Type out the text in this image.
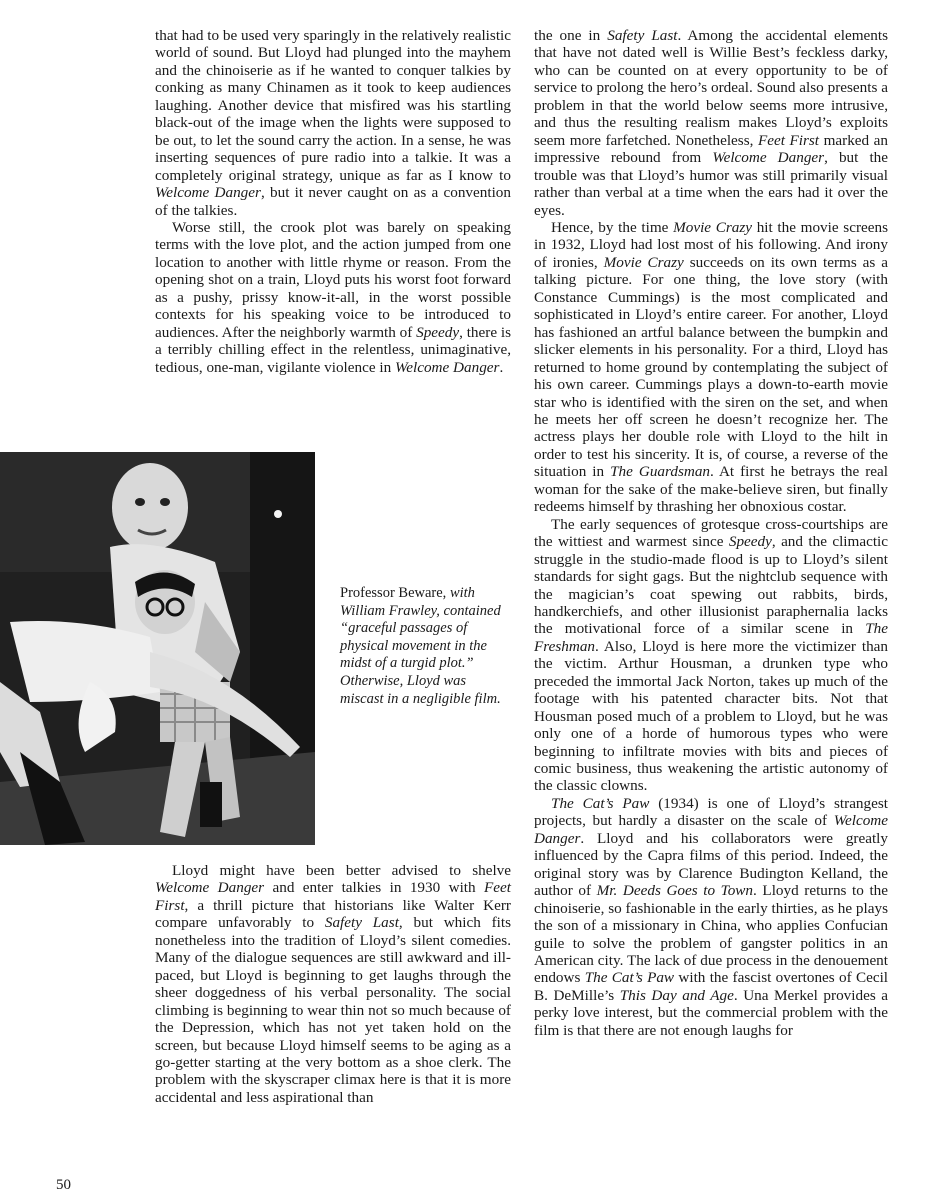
that had to be used very sparingly in the relatively realistic world of sound. But Lloyd had plunged into the mayhem and the chinoiserie as if he wanted to conquer talkies by conking as many Chinamen as it took to keep audiences laughing. Another device that misfired was his startling black-out of the image when the lights were supposed to be out, to let the sound carry the action. In a sense, he was inserting sequences of pure radio into a talkie. It was a completely original strategy, unique as far as I know to Welcome Danger, but it never caught on as a convention of the talkies.

Worse still, the crook plot was barely on speaking terms with the love plot, and the action jumped from one location to another with little rhyme or reason. From the opening shot on a train, Lloyd puts his worst foot forward as a pushy, prissy know-it-all, in the worst possible contexts for his speaking voice to be introduced to audiences. After the neighborly warmth of Speedy, there is a terribly chilling effect in the relentless, unimaginative, tedious, one-man, vigilante violence in Welcome Danger.

Professor Beware, with William Frawley, contained “graceful passages of physical movement in the midst of a turgid plot.” Otherwise, Lloyd was miscast in a negligible film.

Lloyd might have been better advised to shelve Welcome Danger and enter talkies in 1930 with Feet First, a thrill picture that historians like Walter Kerr compare unfavorably to Safety Last, but which fits nonetheless into the tradition of Lloyd’s silent comedies. Many of the dialogue sequences are still awkward and ill-paced, but Lloyd is beginning to get laughs through the sheer doggedness of his verbal personality. The social climbing is beginning to wear thin not so much because of the Depression, which has not yet taken hold on the screen, but because Lloyd himself seems to be aging as a go-getter starting at the very bottom as a shoe clerk. The problem with the skyscraper climax here is that it is more accidental and less aspirational than

the one in Safety Last. Among the accidental elements that have not dated well is Willie Best’s feckless darky, who can be counted on at every opportunity to be of service to prolong the hero’s ordeal. Sound also presents a problem in that the world below seems more intrusive, and thus the resulting realism makes Lloyd’s exploits seem more farfetched. Nonetheless, Feet First marked an impressive rebound from Welcome Danger, but the trouble was that Lloyd’s humor was still primarily visual rather than verbal at a time when the ears had it over the eyes.

Hence, by the time Movie Crazy hit the movie screens in 1932, Lloyd had lost most of his following. And irony of ironies, Movie Crazy succeeds on its own terms as a talking picture. For one thing, the love story (with Constance Cummings) is the most complicated and sophisticated in Lloyd’s entire career. For another, Lloyd has fashioned an artful balance between the bumpkin and slicker elements in his personality. For a third, Lloyd has returned to home ground by contemplating the subject of his own career. Cummings plays a down-to-earth movie star who is identified with the siren on the set, and when he meets her off screen he doesn’t recognize her. The actress plays her double role with Lloyd to the hilt in order to test his sincerity. It is, of course, a reverse of the situation in The Guardsman. At first he betrays the real woman for the sake of the make-believe siren, but finally redeems himself by thrashing her obnoxious costar.

The early sequences of grotesque cross-courtships are the wittiest and warmest since Speedy, and the climactic struggle in the studio-made flood is up to Lloyd’s silent standards for sight gags. But the nightclub sequence with the magician’s coat spewing out rabbits, birds, handkerchiefs, and other illusionist paraphernalia lacks the motivational force of a similar scene in The Freshman. Also, Lloyd is here more the victimizer than the victim. Arthur Housman, a drunken type who preceded the immortal Jack Norton, takes up much of the footage with his patented character bits. Not that Housman posed much of a problem to Lloyd, but he was only one of a horde of humorous types who were beginning to infiltrate movies with bits and pieces of comic business, thus weakening the artistic autonomy of the classic clowns.

The Cat’s Paw (1934) is one of Lloyd’s strangest projects, but hardly a disaster on the scale of Welcome Danger. Lloyd and his collaborators were greatly influenced by the Capra films of this period. Indeed, the original story was by Clarence Budington Kelland, the author of Mr. Deeds Goes to Town. Lloyd returns to the chinoiserie, so fashionable in the early thirties, as he plays the son of a missionary in China, who applies Confucian guile to solve the problem of gangster politics in an American city. The lack of due process in the denouement endows The Cat’s Paw with the fascist overtones of Cecil B. DeMille’s This Day and Age. Una Merkel provides a perky love interest, but the commercial problem with the film is that there are not enough laughs for

50
